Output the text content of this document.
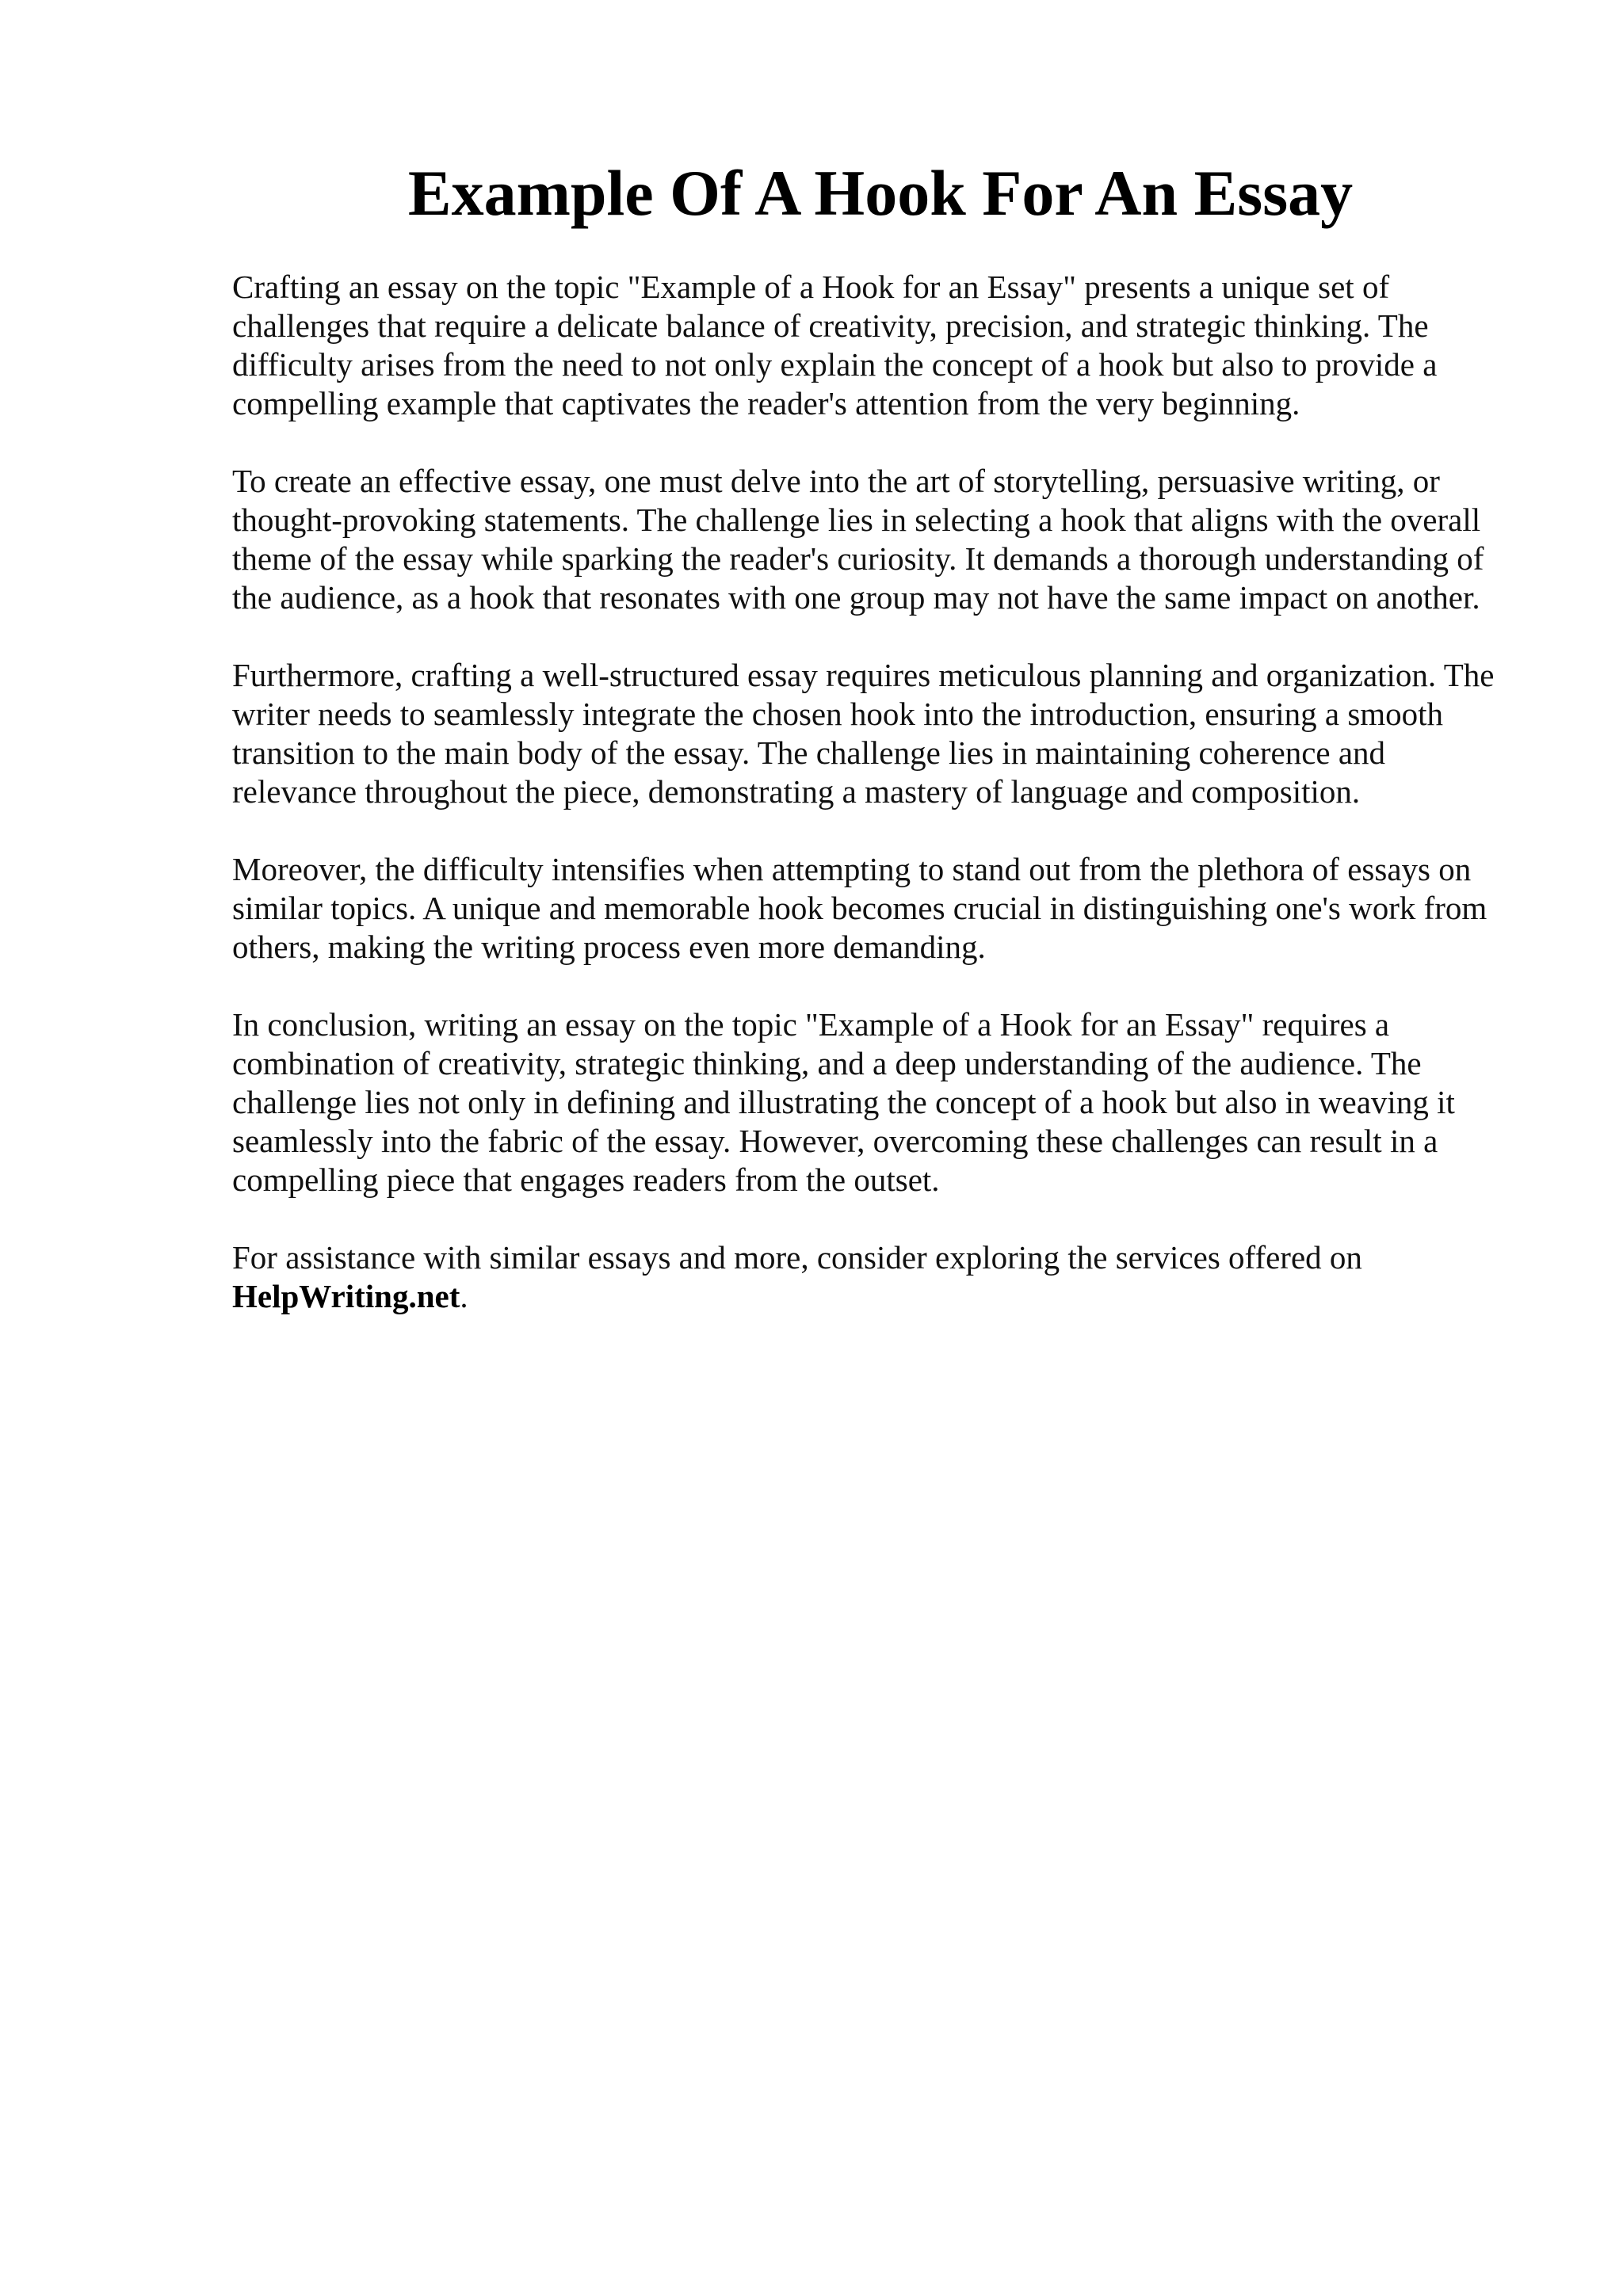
Example Of A Hook For An Essay

Crafting an essay on the topic "Example of a Hook for an Essay" presents a unique set of
challenges that require a delicate balance of creativity, precision, and strategic thinking. The
difficulty arises from the need to not only explain the concept of a hook but also to provide a
compelling example that captivates the reader's attention from the very beginning.

To create an effective essay, one must delve into the art of storytelling, persuasive writing, or
thought-provoking statements. The challenge lies in selecting a hook that aligns with the overall
theme of the essay while sparking the reader's curiosity. It demands a thorough understanding of
the audience, as a hook that resonates with one group may not have the same impact on another.

Furthermore, crafting a well-structured essay requires meticulous planning and organization. The
writer needs to seamlessly integrate the chosen hook into the introduction, ensuring a smooth
transition to the main body of the essay. The challenge lies in maintaining coherence and
relevance throughout the piece, demonstrating a mastery of language and composition.

Moreover, the difficulty intensifies when attempting to stand out from the plethora of essays on
similar topics. A unique and memorable hook becomes crucial in distinguishing one's work from
others, making the writing process even more demanding.

In conclusion, writing an essay on the topic "Example of a Hook for an Essay" requires a
combination of creativity, strategic thinking, and a deep understanding of the audience. The
challenge lies not only in defining and illustrating the concept of a hook but also in weaving it
seamlessly into the fabric of the essay. However, overcoming these challenges can result in a
compelling piece that engages readers from the outset.

For assistance with similar essays and more, consider exploring the services offered on
HelpWriting.net.
